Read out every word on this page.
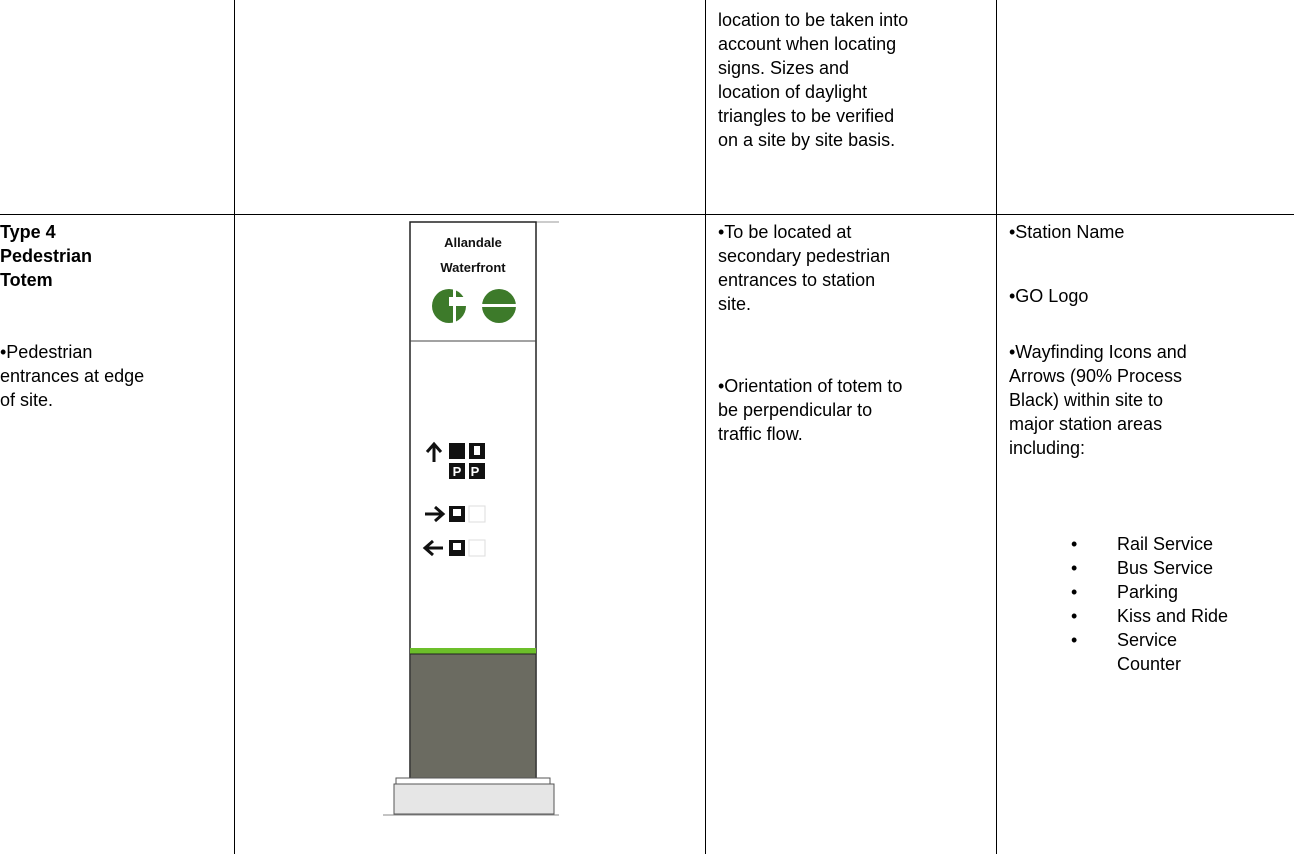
location to be taken into

account when locating

signs. Sizes and

location of daylight

triangles to be verified

on a site by site basis.

Type 4

Pedestrian

Totem

•Pedestrian

entrances at edge

of site.

Allandale
Waterfront
P P

•To be located at

secondary pedestrian

entrances to station

site.

•Orientation of totem to

be perpendicular to

traffic flow.

•Station Name

•GO Logo

•Wayfinding Icons and

Arrows (90% Process

Black) within site to

major station areas

including:

• Rail Service
• Bus Service
• Parking
• Kiss and Ride
• Service
Counter
